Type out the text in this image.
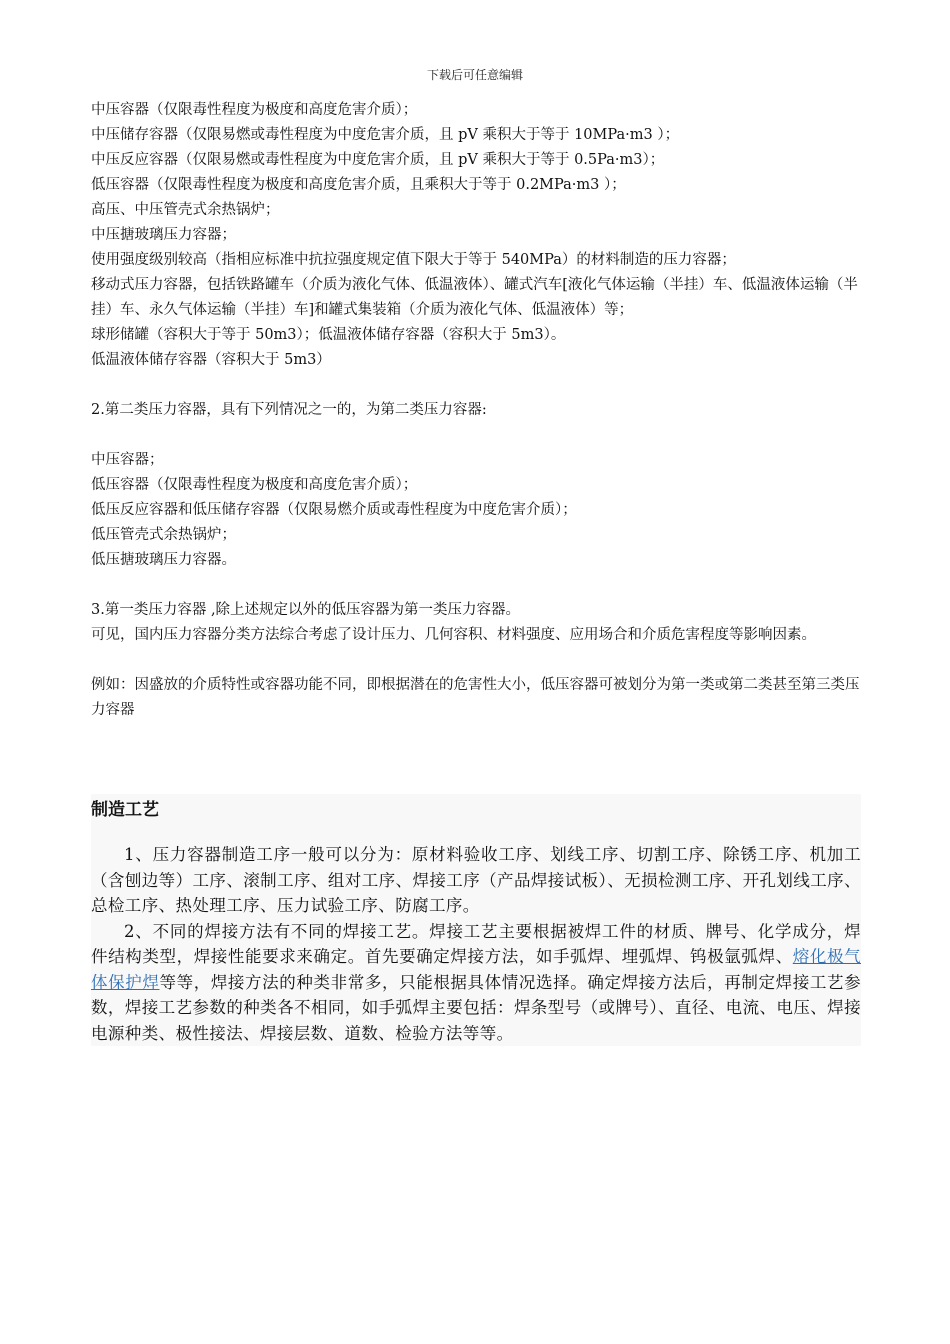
下载后可任意编辑
中压容器（仅限毒性程度为极度和高度危害介质）；
中压储存容器（仅限易燃或毒性程度为中度危害介质，且 pV 乘积大于等于 10MPa·m3 ）；
中压反应容器（仅限易燃或毒性程度为中度危害介质，且 pV 乘积大于等于 0.5Pa·m3）；
低压容器（仅限毒性程度为极度和高度危害介质，且乘积大于等于 0.2MPa·m3 ）；
高压、中压管壳式余热锅炉；
中压搪玻璃压力容器；
使用强度级别较高（指相应标准中抗拉强度规定值下限大于等于 540MPa）的材料制造的压力容器；
移动式压力容器，包括铁路罐车（介质为液化气体、低温液体）、罐式汽车[液化气体运输（半挂）车、低温液体运输（半挂）车、永久气体运输（半挂）车]和罐式集装箱（介质为液化气体、低温液体）等；
球形储罐（容积大于等于 50m3）；低温液体储存容器（容积大于 5m3）。
低温液体储存容器（容积大于 5m3）
2.第二类压力容器，具有下列情况之一的，为第二类压力容器:
中压容器；
低压容器（仅限毒性程度为极度和高度危害介质）；
低压反应容器和低压储存容器（仅限易燃介质或毒性程度为中度危害介质）；
低压管壳式余热锅炉；
低压搪玻璃压力容器。
3.第一类压力容器 ,除上述规定以外的低压容器为第一类压力容器。
可见，国内压力容器分类方法综合考虑了设计压力、几何容积、材料强度、应用场合和介质危害程度等影响因素。
例如：因盛放的介质特性或容器功能不同，即根据潜在的危害性大小，低压容器可被划分为第一类或第二类甚至第三类压力容器
制造工艺
1、压力容器制造工序一般可以分为：原材料验收工序、划线工序、切割工序、除锈工序、机加工（含刨边等）工序、滚制工序、组对工序、焊接工序（产品焊接试板）、无损检测工序、开孔划线工序、总检工序、热处理工序、压力试验工序、防腐工序。
2、不同的焊接方法有不同的焊接工艺。焊接工艺主要根据被焊工件的材质、牌号、化学成分，焊件结构类型，焊接性能要求来确定。首先要确定焊接方法，如手弧焊、埋弧焊、钨极氩弧焊、熔化极气体保护焊等等，焊接方法的种类非常多，只能根据具体情况选择。确定焊接方法后，再制定焊接工艺参数，焊接工艺参数的种类各不相同，如手弧焊主要包括：焊条型号（或牌号）、直径、电流、电压、焊接电源种类、极性接法、焊接层数、道数、检验方法等等。
